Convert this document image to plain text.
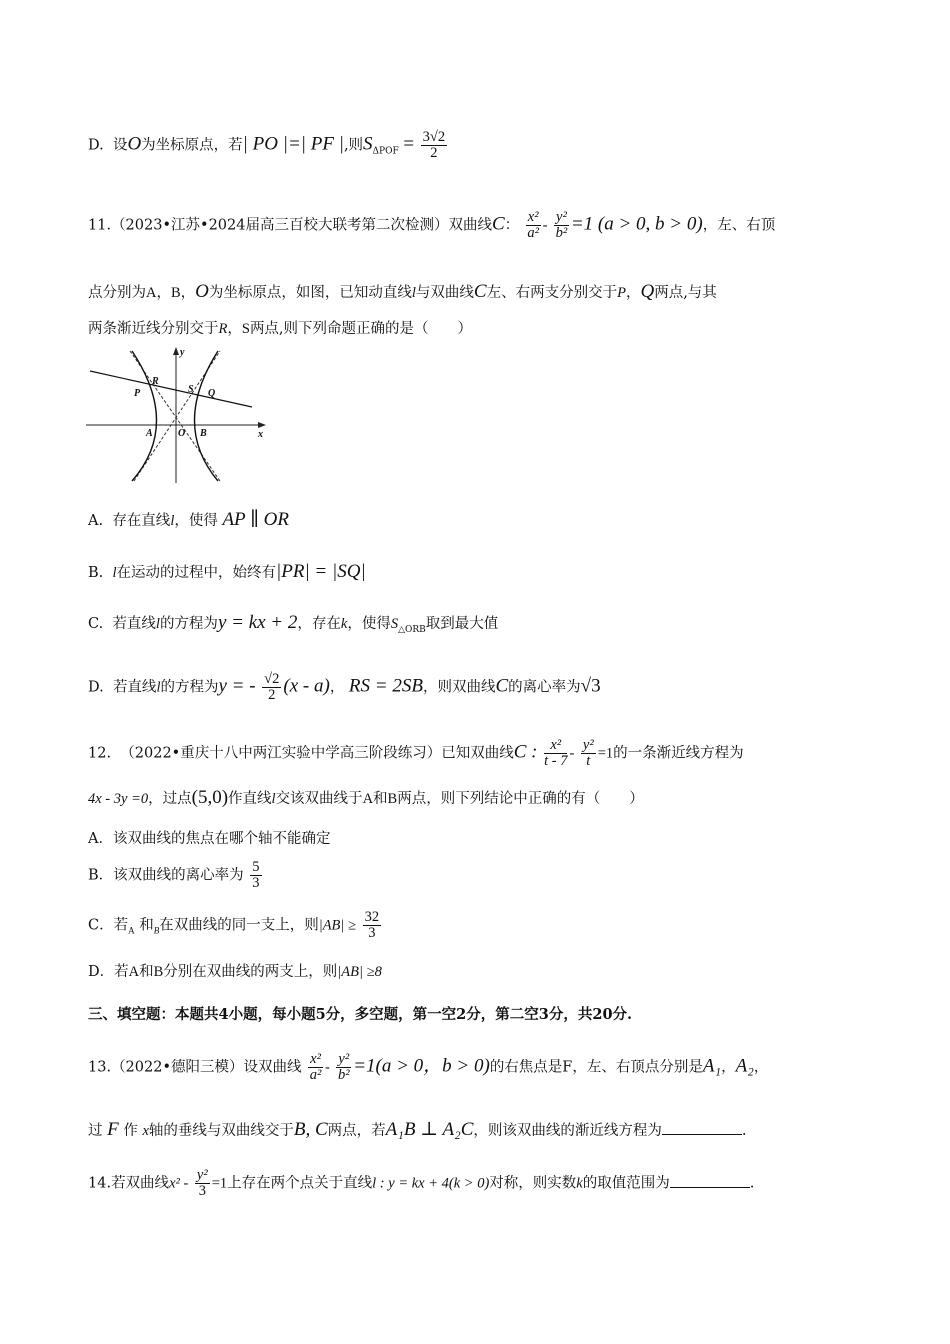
D. 设O为坐标原点，若| PO |=| PF |,则$S_{\Delta POF} = \frac{3√2}{2}$
11.（2023•江苏•2024届高三百校大联考第二次检测）双曲线C： $\frac{\text{x²}}{\text{a²}} - \frac{\text{y²}}{\text{b²}} =1$ (a > 0, b > 0)，左、右顶
点分别为A，B，O为坐标原点，如图，已知动直线l与双曲线C左、右两支分别交于P，Q两点,与其
两条渐近线分别交于R，S两点,则下列命题正确的是（　　）
y
R
P	S Q
A	O B	x
A. 存在直线l，使得 AP ∥ OR
B. l在运动的过程中，始终有|PR| = |SQ|
C. 若直线l的方程为y = kx + 2，存在k，使得$S_{\triangle ORB}$取到最大值
D. 若直线l的方程为y = - $\frac{√2}{2} (x - a)$， RS = 2SB，则双曲线C的离心率为√3
12. （2022•重庆十八中两江实验中学高三阶段练习）已知双曲线C : $\frac{\text{x²}}{t - 7} - \frac{\text{y²}}{t} =1$的一条渐近线方程为
4x - 3y =0，过点(5,0)作直线l交该双曲线于A和B两点，则下列结论中正确的有（　　）
A．该双曲线的焦点在哪个轴不能确定
B．该双曲线的离心率为 $\frac{5}{3}$
C．若$_A$ 和$_B$在双曲线的同一支上，则$|AB| \ge \frac{32}{3}$
D．若A和B分别在双曲线的两支上，则|AB| ≥8
三、填空题：本题共4小题，每小题5分，多空题，第一空2分，第二空3分，共20分.
13.（2022•德阳三模）设双曲线 $\frac{\text{x²}}{\text{a²}} - \frac{\text{y²}}{\text{b²}} =1(a > 0$，b > 0)的右焦点是F，左、右顶点分别是A₁，A₂，
过 F 作 x轴的垂线与双曲线交于B, C两点，若A₁B ⊥ A₂C，则该双曲线的渐近线方程为	.
14.若双曲线$x^2 - \frac{\text{y²}}{3} =1$上存在两个点关于直线l : y = kx + 4(k > 0)对称，则实数k的取值范围为	.
